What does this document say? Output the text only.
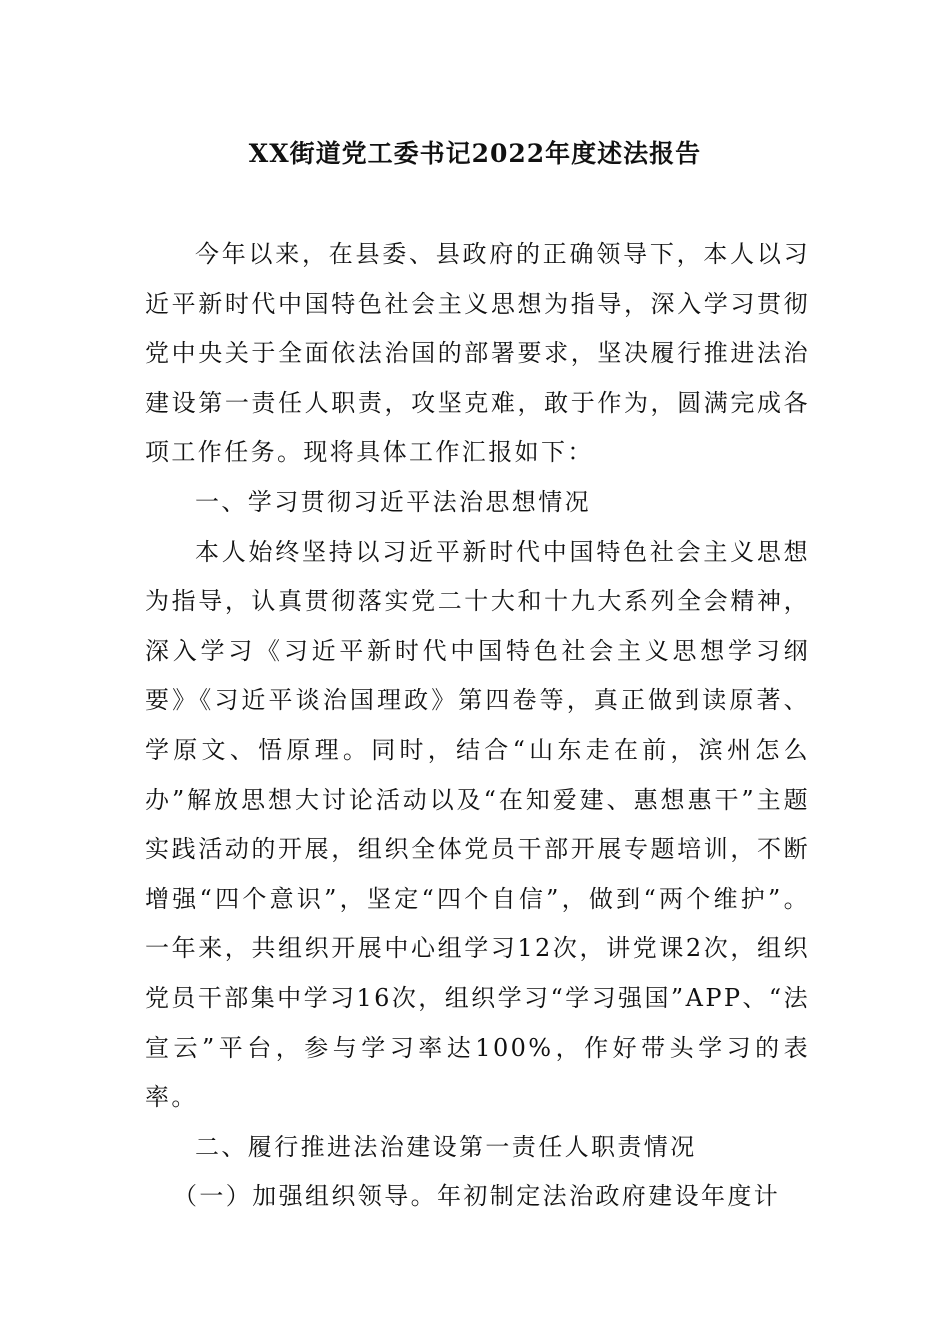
XX街道党工委书记2022年度述法报告

今年以来，在县委、县政府的正确领导下，本人以习近平新时代中国特色社会主义思想为指导，深入学习贯彻党中央关于全面依法治国的部署要求，坚决履行推进法治建设第一责任人职责，攻坚克难，敢于作为，圆满完成各项工作任务。现将具体工作汇报如下：

一、学习贯彻习近平法治思想情况

本人始终坚持以习近平新时代中国特色社会主义思想为指导，认真贯彻落实党二十大和十九大系列全会精神，深入学习《习近平新时代中国特色社会主义思想学习纲要》《习近平谈治国理政》第四卷等，真正做到读原著、学原文、悟原理。同时，结合“山东走在前，滨州怎么办”解放思想大讨论活动以及“在知爱建、惠想惠干”主题实践活动的开展，组织全体党员干部开展专题培训，不断增强“四个意识”，坚定“四个自信”，做到“两个维护”。一年来，共组织开展中心组学习12次，讲党课2次，组织党员干部集中学习16次，组织学习“学习强国”APP、“法宣云”平台，参与学习率达100%，作好带头学习的表率。

二、履行推进法治建设第一责任人职责情况

（一）加强组织领导。年初制定法治政府建设年度计
